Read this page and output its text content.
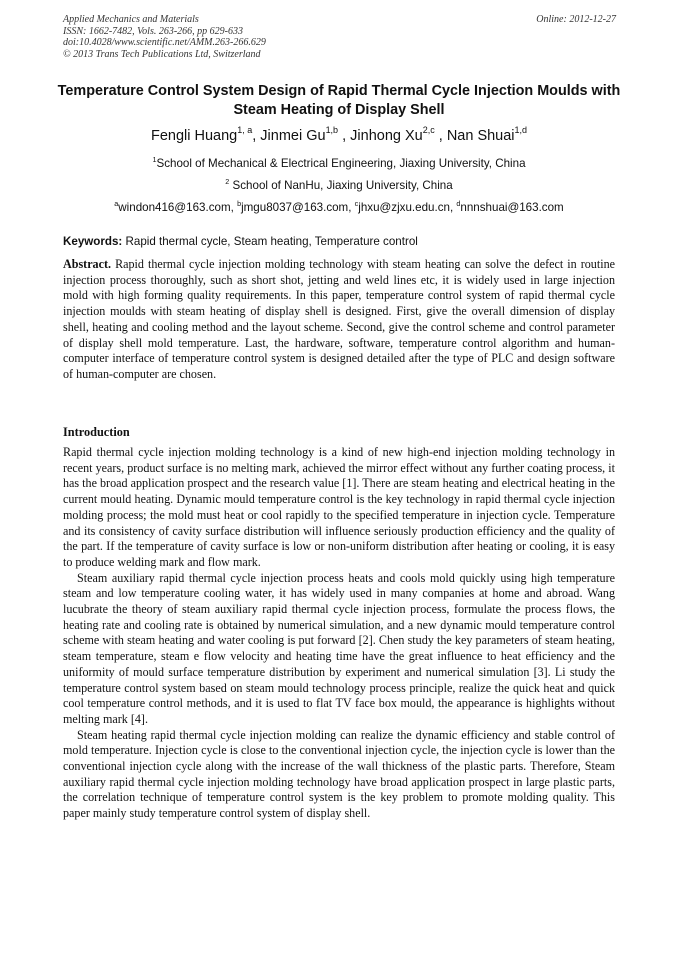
Applied Mechanics and Materials
ISSN: 1662-7482, Vols. 263-266, pp 629-633
doi:10.4028/www.scientific.net/AMM.263-266.629
© 2013 Trans Tech Publications Ltd, Switzerland
Online: 2012-12-27
Temperature Control System Design of Rapid Thermal Cycle Injection Moulds with Steam Heating of Display Shell
Fengli Huang$^{1, a}$, Jinmei Gu$^{1,b}$ , Jinhong Xu$^{2,c}$ , Nan Shuai$^{1,d}$
$^1$School of Mechanical & Electrical Engineering, Jiaxing University, China
$^2$ School of NanHu, Jiaxing University, China
$^a$windon416@163.com, $^b$jmgu8037@163.com, $^c$jhxu@zjxu.edu.cn, $^d$nnnshuai@163.com
Keywords: Rapid thermal cycle, Steam heating, Temperature control

Abstract. Rapid thermal cycle injection molding technology with steam heating can solve the defect in routine injection process thoroughly, such as short shot, jetting and weld lines etc, it is widely used in large injection mold with high forming quality requirements. In this paper, temperature control system of rapid thermal cycle injection moulds with steam heating of display shell is designed. First, give the overall dimension of display shell, heating and cooling method and the layout scheme. Second, give the control scheme and control parameter of display shell mold temperature. Last, the hardware, software, temperature control algorithm and human-computer interface of temperature control system is designed detailed after the type of PLC and design software of human-computer are chosen.

Introduction

Rapid thermal cycle injection molding technology is a kind of new high-end injection molding technology in recent years, product surface is no melting mark, achieved the mirror effect without any further coating process, it has the broad application prospect and the research value [1]. There are steam heating and electrical heating in the current mould heating. Dynamic mould temperature control is the key technology in rapid thermal cycle injection molding process; the mold must heat or cool rapidly to the specified temperature in injection cycle. Temperature and its consistency of cavity surface distribution will influence seriously production efficiency and the quality of the part. If the temperature of cavity surface is low or non-uniform distribution after heating or cooling, it is easy to produce welding mark and flow mark.

Steam auxiliary rapid thermal cycle injection process heats and cools mold quickly using high temperature steam and low temperature cooling water, it has widely used in many companies at home and abroad. Wang lucubrate the theory of steam auxiliary rapid thermal cycle injection process, formulate the process flows, the heating rate and cooling rate is obtained by numerical simulation, and a new dynamic mould temperature control scheme with steam heating and water cooling is put forward [2]. Chen study the key parameters of steam heating, steam temperature, steam e flow velocity and heating time have the great influence to heat efficiency and the uniformity of mould surface temperature distribution by experiment and numerical simulation [3]. Li study the temperature control system based on steam mould technology process principle, realize the quick heat and quick cool temperature control methods, and it is used to flat TV face box mould, the appearance is highlights without melting mark [4].

Steam heating rapid thermal cycle injection molding can realize the dynamic efficiency and stable control of mold temperature. Injection cycle is close to the conventional injection cycle, the injection cycle is lower than the conventional injection cycle along with the increase of the wall thickness of the plastic parts. Therefore, Steam auxiliary rapid thermal cycle injection molding technology have broad application prospect in large plastic parts, the correlation technique of temperature control system is the key problem to promote molding quality. This paper mainly study temperature control system of display shell.
